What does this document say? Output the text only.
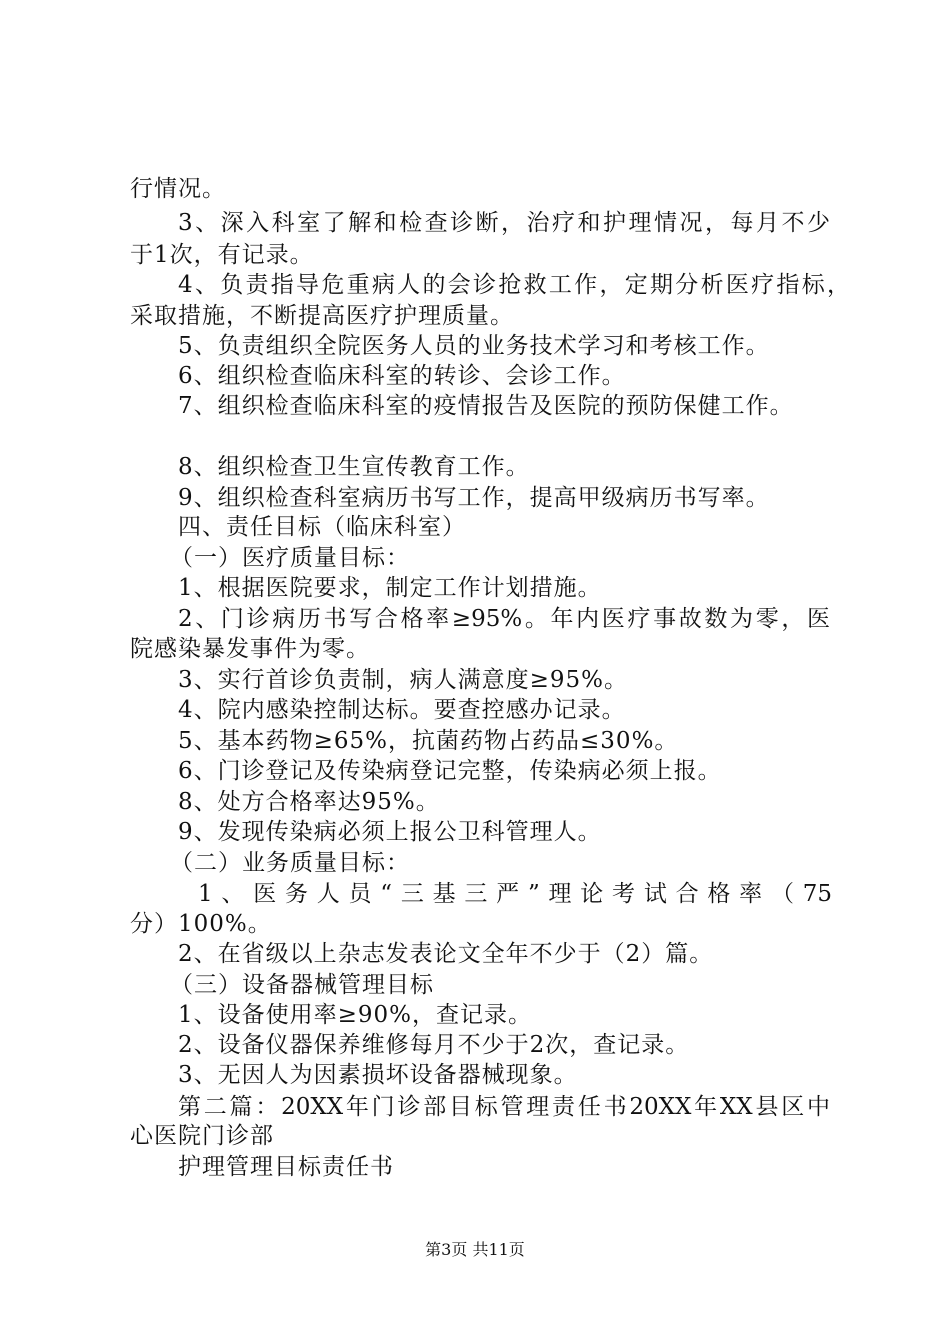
行情况。
3、深入科室了解和检查诊断，治疗和护理情况，每月不少
于1次，有记录。
4、负责指导危重病人的会诊抢救工作，定期分析医疗指标，
采取措施，不断提高医疗护理质量。
5、负责组织全院医务人员的业务技术学习和考核工作。
6、组织检查临床科室的转诊、会诊工作。
7、组织检查临床科室的疫情报告及医院的预防保健工作。
8、组织检查卫生宣传教育工作。
9、组织检查科室病历书写工作，提高甲级病历书写率。
四、责任目标（临床科室）
（一）医疗质量目标：
1、根据医院要求，制定工作计划措施。
2、门诊病历书写合格率≥95%。年内医疗事故数为零，医
院感染暴发事件为零。
3、实行首诊负责制，病人满意度≥95%。
4、院内感染控制达标。要查控感办记录。
5、基本药物≥65%，抗菌药物占药品≤30%。
6、门诊登记及传染病登记完整，传染病必须上报。
8、处方合格率达95%。
9、发现传染病必须上报公卫科管理人。
（二）业务质量目标：
1、医务人员“三基三严”理论考试合格率（75
分）100%。
2、在省级以上杂志发表论文全年不少于（2）篇。
（三）设备器械管理目标
1、设备使用率≥90%，查记录。
2、设备仪器保养维修每月不少于2次，查记录。
3、无因人为因素损坏设备器械现象。
第二篇：20XX年门诊部目标管理责任书20XX年XX县区中
心医院门诊部
护理管理目标责任书
第3页 共11页
